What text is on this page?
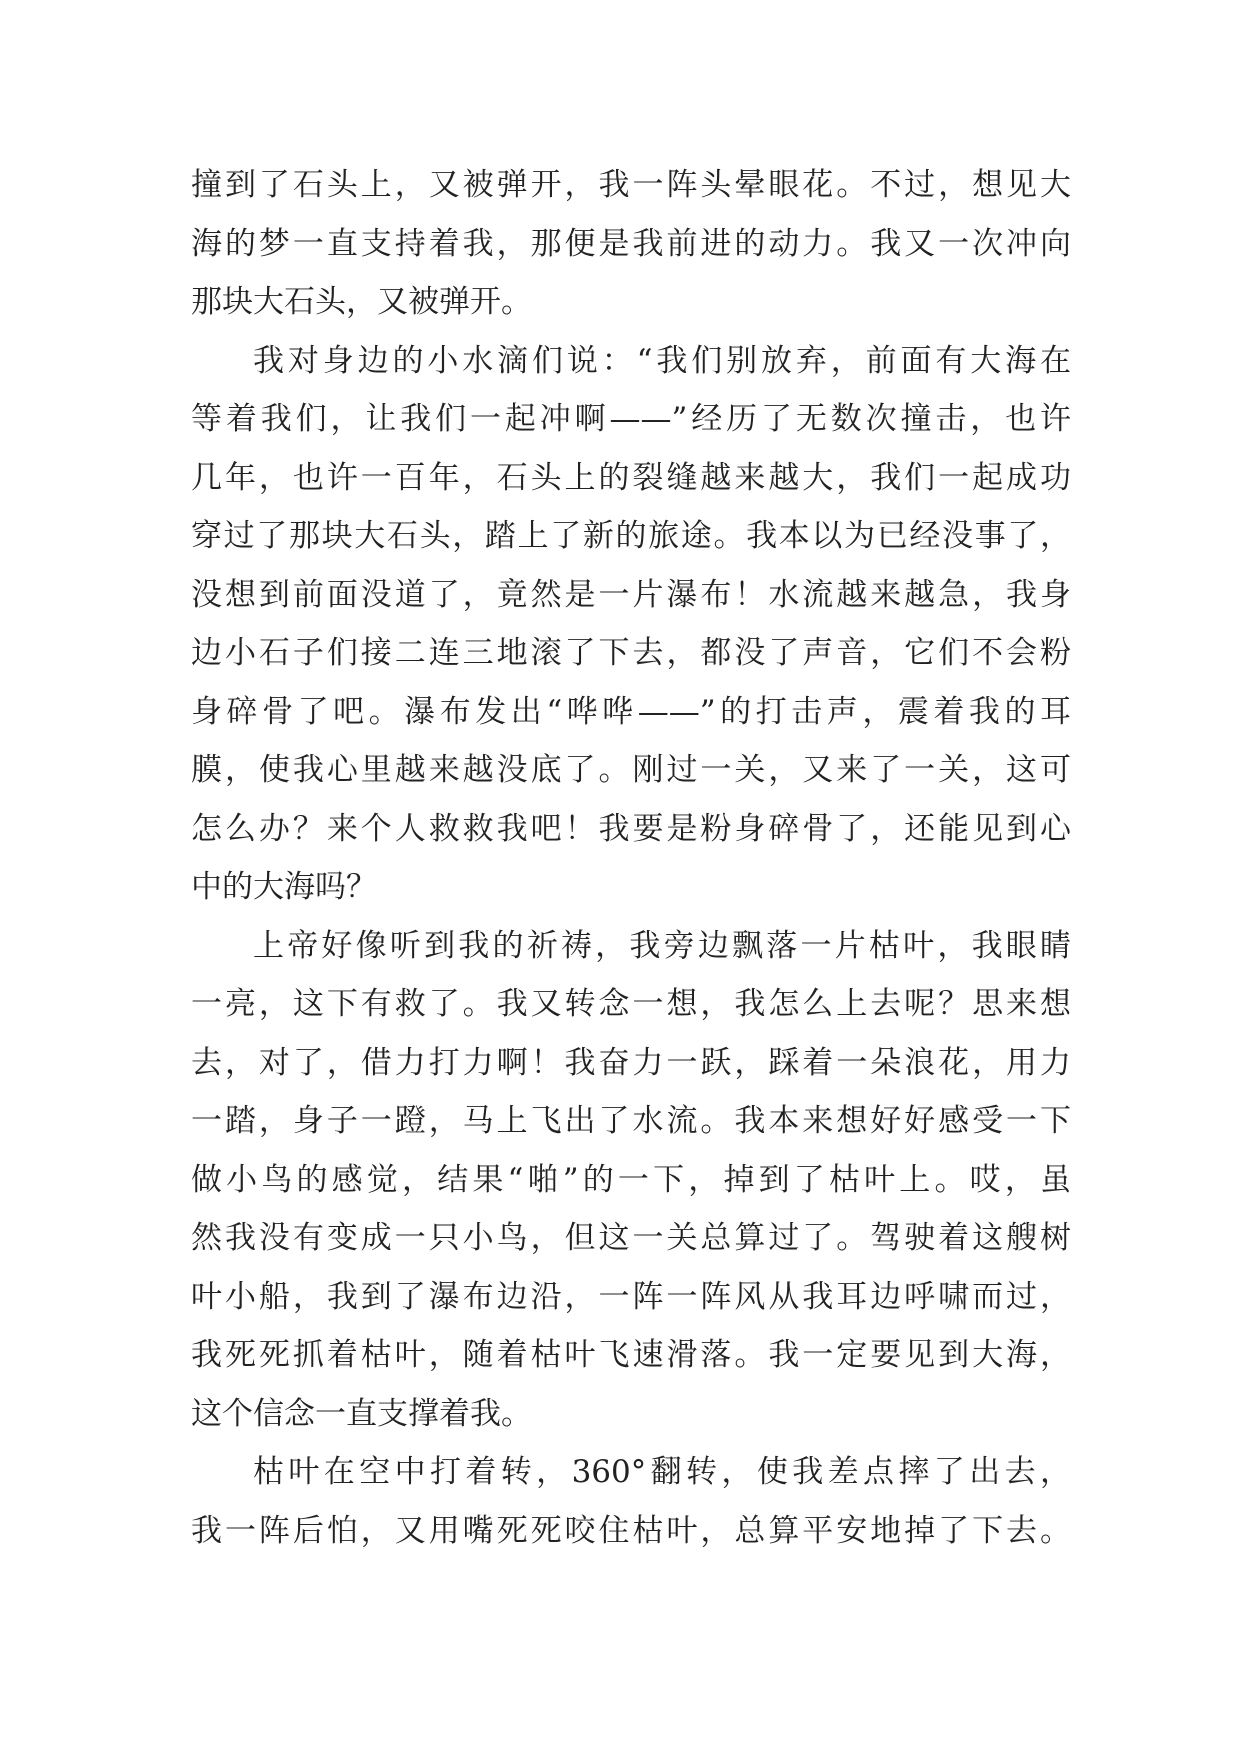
撞到了石头上，又被弹开，我一阵头晕眼花。不过，想见大
海的梦一直支持着我，那便是我前进的动力。我又一次冲向
那块大石头，又被弹开。
我对身边的小水滴们说：“我们别放弃，前面有大海在
等着我们，让我们一起冲啊——”经历了无数次撞击，也许
几年，也许一百年，石头上的裂缝越来越大，我们一起成功
穿过了那块大石头，踏上了新的旅途。我本以为已经没事了，
没想到前面没道了，竟然是一片瀑布！水流越来越急，我身
边小石子们接二连三地滚了下去，都没了声音，它们不会粉
身碎骨了吧。瀑布发出“哗哗——”的打击声，震着我的耳
膜，使我心里越来越没底了。刚过一关，又来了一关，这可
怎么办？来个人救救我吧！我要是粉身碎骨了，还能见到心
中的大海吗？
上帝好像听到我的祈祷，我旁边飘落一片枯叶，我眼睛
一亮，这下有救了。我又转念一想，我怎么上去呢？思来想
去，对了，借力打力啊！我奋力一跃，踩着一朵浪花，用力
一踏，身子一蹬，马上飞出了水流。我本来想好好感受一下
做小鸟的感觉，结果“啪”的一下，掉到了枯叶上。哎，虽
然我没有变成一只小鸟，但这一关总算过了。驾驶着这艘树
叶小船，我到了瀑布边沿，一阵一阵风从我耳边呼啸而过，
我死死抓着枯叶，随着枯叶飞速滑落。我一定要见到大海，
这个信念一直支撑着我。
枯叶在空中打着转，360°翻转，使我差点摔了出去，
我一阵后怕，又用嘴死死咬住枯叶，总算平安地掉了下去。
